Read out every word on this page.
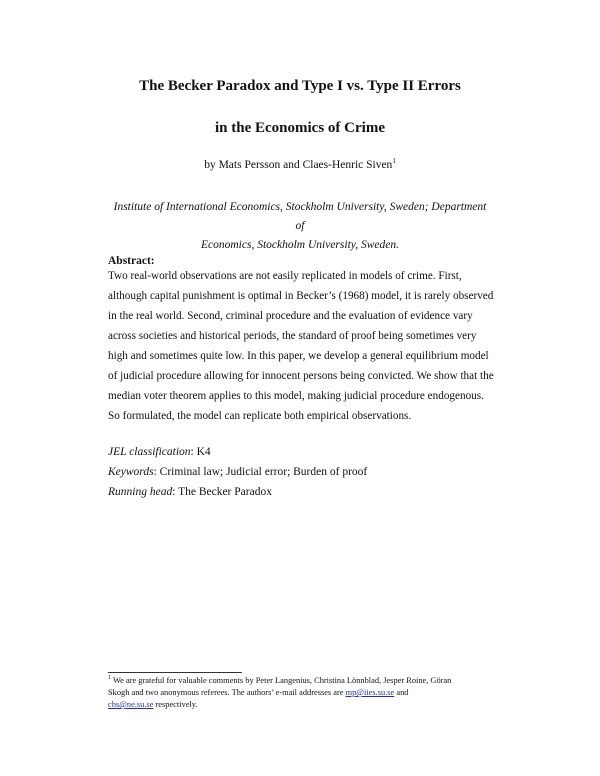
The Becker Paradox and Type I vs. Type II Errors
in the Economics of Crime
by Mats Persson and Claes-Henric Siven$^1$
Institute of International Economics, Stockholm University, Sweden; Department of
Economics, Stockholm University, Sweden.
Abstract:
Two real-world observations are not easily replicated in models of crime. First,
although capital punishment is optimal in Becker’s (1968) model, it is rarely observed
in the real world. Second, criminal procedure and the evaluation of evidence vary
across societies and historical periods, the standard of proof being sometimes very
high and sometimes quite low. In this paper, we develop a general equilibrium model
of judicial procedure allowing for innocent persons being convicted. We show that the
median voter theorem applies to this model, making judicial procedure endogenous.
So formulated, the model can replicate both empirical observations.
JEL classification: K4
Keywords: Criminal law; Judicial error; Burden of proof
Running head: The Becker Paradox
$^1$ We are grateful for valuable comments by Peter Langenius, Christina Lönnblad, Jesper Roine, Göran
Skogh and two anonymous referees. The authors’ e-mail addresses are mp@iies.su.se and
chs@ne.su.se respectively.
